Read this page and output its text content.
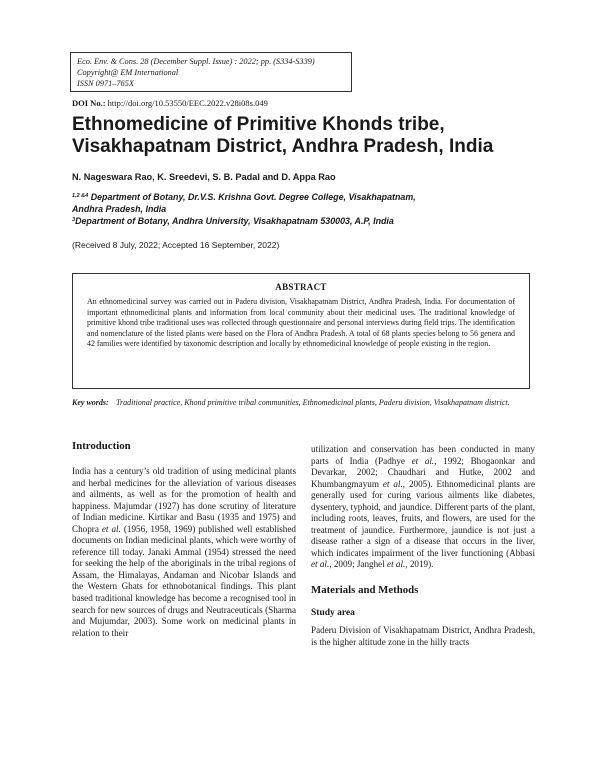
Eco. Env. & Cons. 28 (December Suppl. Issue) : 2022; pp. (S334-S339)
Copyright@ EM International
ISSN 0971–765X
DOI No.: http://doi.org/10.53550/EEC.2022.v28i08s.049
Ethnomedicine of Primitive Khonds tribe,
Visakhapatnam District, Andhra Pradesh, India
N. Nageswara Rao, K. Sreedevi, S. B. Padal and D. Appa Rao
$^{1,2 \&4}$ Department of Botany, Dr.V.S. Krishna Govt. Degree College, Visakhapatnam,
Andhra Pradesh, India
$^3$Department of Botany, Andhra University, Visakhapatnam 530003, A.P, India
(Received 8 July, 2022; Accepted 16 September, 2022)
ABSTRACT
An ethnomedicinal survey was carried out in Paderu division, Visakhapatnam District, Andhra Pradesh, India. For documentation of important ethnomedicinal plants and information from local community about their medicinal uses. The traditional knowledge of primitive khond tribe traditional uses was collected through questionnaire and personal interviews during field trips. The identification and nomenclature of the listed plants were based on the Flora of Andhra Pradesh. A total of 68 plants species belong to 56 genera and 42 families were identified by taxonomic description and locally by ethnomedicinal knowledge of people existing in the region.
Key words: Traditional practice, Khond primitive tribal communities, Ethnomedicinal plants, Paderu division, Visakhapatnam district.

Introduction

India has a century’s old tradition of using medicinal plants and herbal medicines for the alleviation of various diseases and ailments, as well as for the promotion of health and happiness. Majumdar (1927) has done scrutiny of literature of Indian medicine. Kirtikar and Basu (1935 and 1975) and Chopra et al. (1956, 1958, 1969) published well established documents on Indian medicinal plants, which were worthy of reference till today. Janaki Ammal (1954) stressed the need for seeking the help of the aboriginals in the tribal regions of Assam, the Himalayas, Andaman and Nicobar Islands and the Western Ghats for ethnobotanical findings. This plant based traditional knowledge has become a recognised tool in search for new sources of drugs and Neutraceuticals (Sharma and Mujumdar, 2003). Some work on medicinal plants in relation to their

utilization and conservation has been conducted in many parts of India (Padhye et al., 1992; Bhogaonkar and Devarkar, 2002; Chaudhari and Hutke, 2002 and Khumbangmayum et al., 2005). Ethnomedicinal plants are generally used for curing various ailments like diabetes, dysentery, typhoid, and jaundice. Different parts of the plant, including roots, leaves, fruits, and flowers, are used for the treatment of jaundice. Furthermore, jaundice is not just a disease rather a sign of a disease that occurs in the liver, which indicates impairment of the liver functioning (Abbasi et al., 2009; Janghel et al., 2019).

Materials and Methods

Study area

Paderu Division of Visakhapatnam District, Andhra Pradesh, is the higher altitude zone in the hilly tracts
